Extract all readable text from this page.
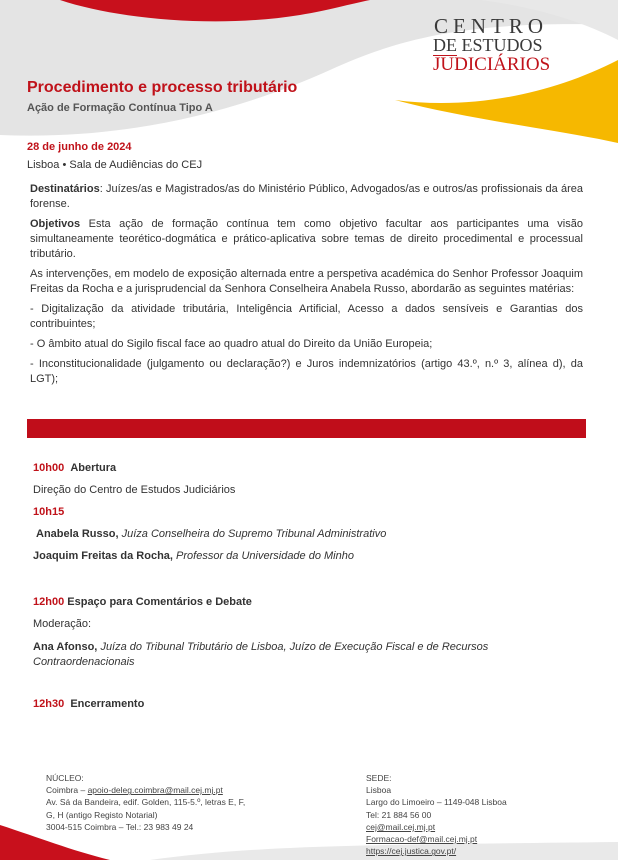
CENTRO
DE ESTUDOS
JUDICIÁRIOS
Procedimento e processo tributário
Ação de Formação Contínua Tipo A
28 de junho de 2024
Lisboa • Sala de Audiências do CEJ

Destinatários: Juízes/as e Magistrados/as do Ministério Público, Advogados/as e outros/as profissionais da área forense.

Objetivos Esta ação de formação contínua tem como objetivo facultar aos participantes uma visão simultaneamente teorético-dogmática e prático-aplicativa sobre temas de direito procedimental e processual tributário.

As intervenções, em modelo de exposição alternada entre a perspetiva académica do Senhor Professor Joaquim Freitas da Rocha e a jurisprudencial da Senhora Conselheira Anabela Russo, abordarão as seguintes matérias:

- Digitalização da atividade tributária, Inteligência Artificial, Acesso a dados sensíveis e Garantias dos contribuintes;

- O âmbito atual do Sigilo fiscal face ao quadro atual do Direito da União Europeia;

- Inconstitucionalidade (julgamento ou declaração?) e Juros indemnizatórios (artigo 43.º, n.º 3, alínea d), da LGT);

10h00 Abertura
Direção do Centro de Estudos Judiciários
10h15
Anabela Russo, Juíza Conselheira do Supremo Tribunal Administrativo
Joaquim Freitas da Rocha, Professor da Universidade do Minho
12h00 Espaço para Comentários e Debate
Moderação:
Ana Afonso, Juíza do Tribunal Tributário de Lisboa, Juízo de Execução Fiscal e de Recursos
Contraordenacionais
12h30 Encerramento
NÚCLEO:
Coimbra – apoio-deleg.coimbra@mail.cej.mj.pt
Av. Sá da Bandeira, edif. Golden, 115-5.º, letras E, F,
G, H (antigo Registo Notarial)
3004-515 Coimbra – Tel.: 23 983 49 24
SEDE:
Lisboa
Largo do Limoeiro – 1149-048 Lisboa
Tel: 21 884 56 00
cej@mail.cej.mj.pt
Formacao-def@mail.cej.mj.pt
https://cej.justica.gov.pt/
